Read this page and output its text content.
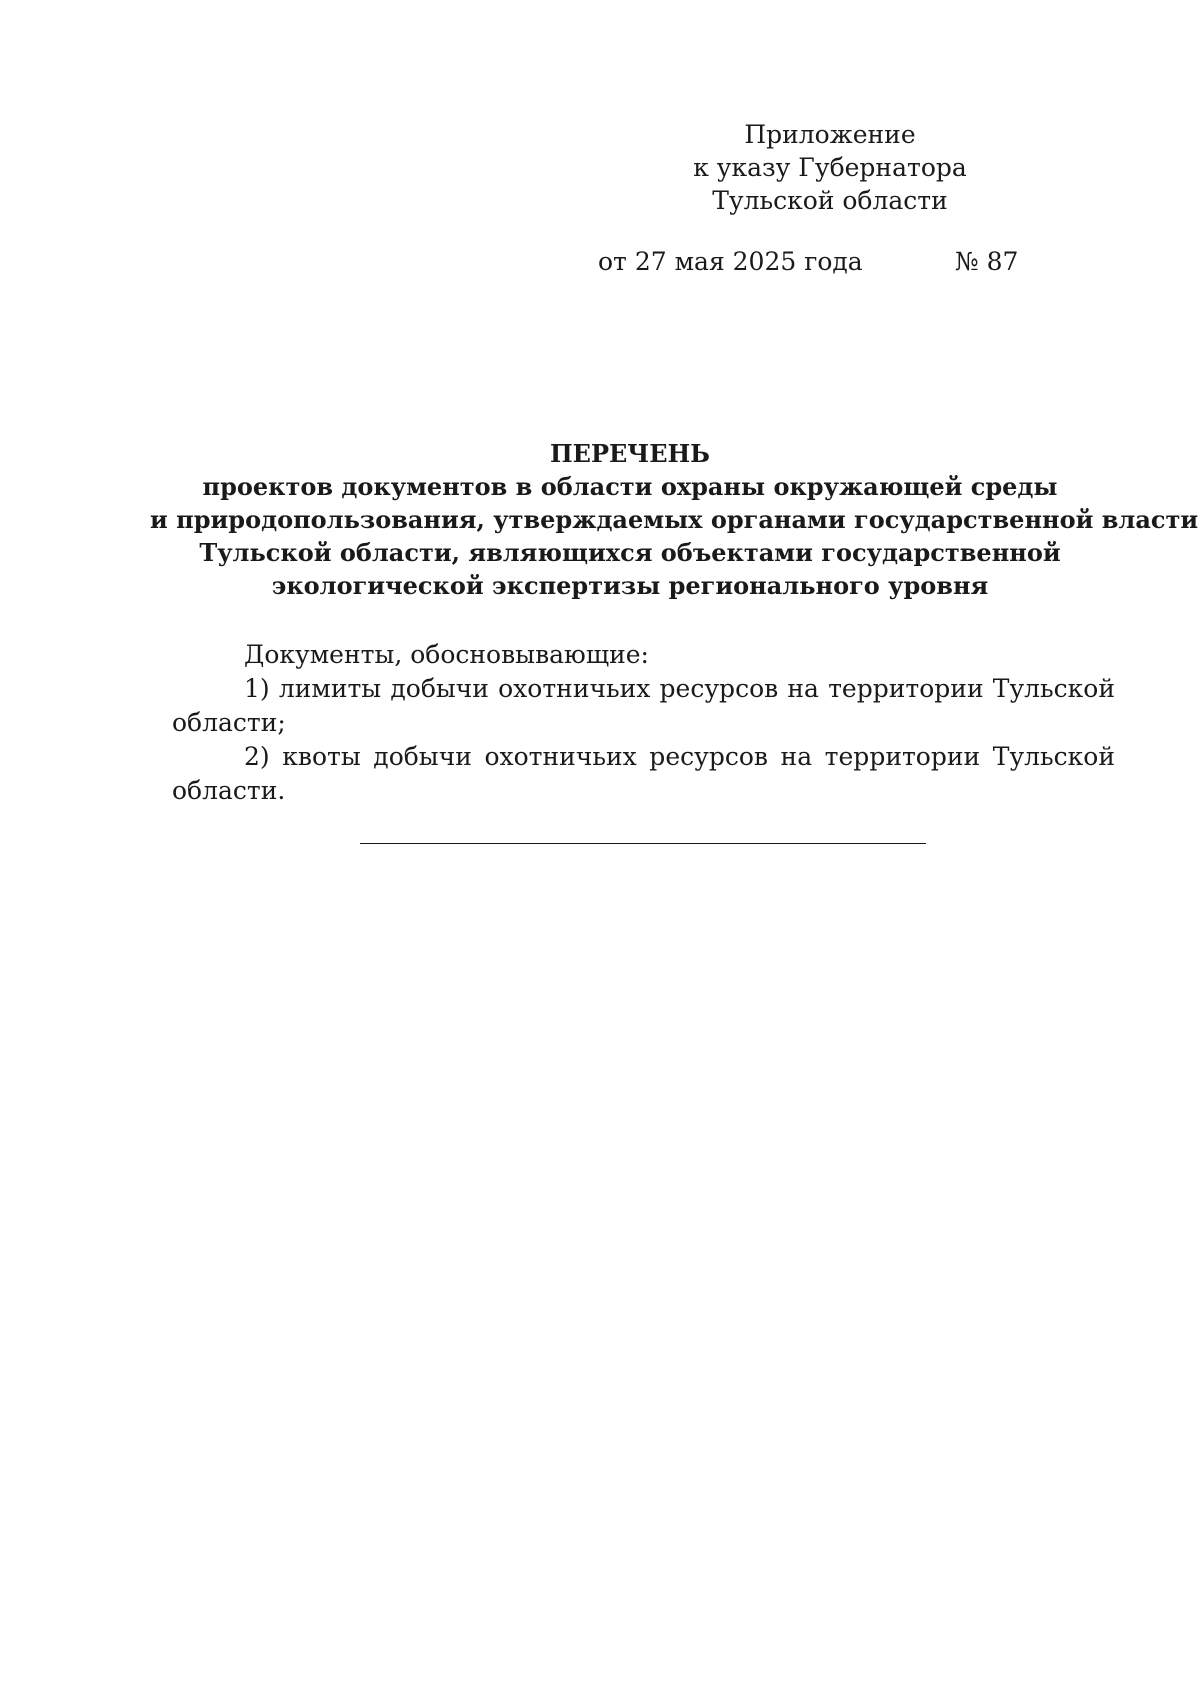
Приложение
к указу Губернатора
Тульской области
от 27 мая 2025 года	№ 87
ПЕРЕЧЕНЬ
проектов документов в области охраны окружающей среды
и природопользования, утверждаемых органами государственной власти
Тульской области, являющихся объектами государственной
экологической экспертизы регионального уровня

Документы, обосновывающие:

1) лимиты добычи охотничьих ресурсов на территории Тульской области;

2) квоты добычи охотничьих ресурсов на территории Тульской области.
